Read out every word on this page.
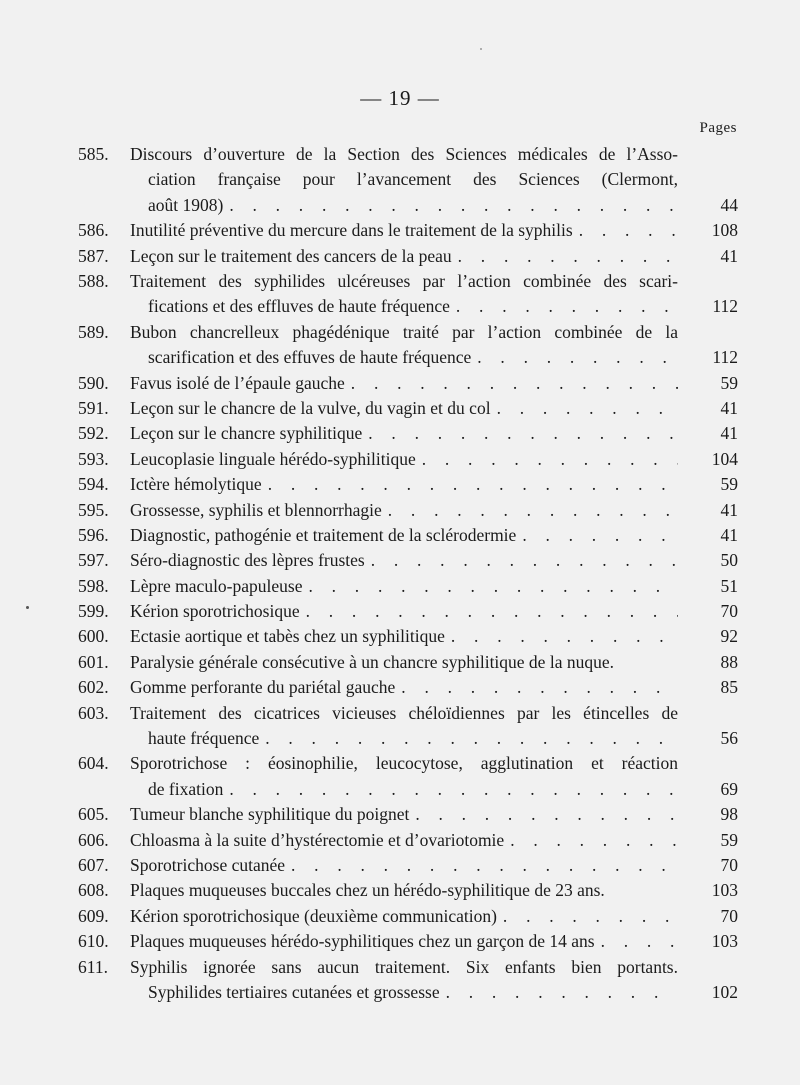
— 19 —
Pages
585.	Discours d’ouverture de la Section des Sciences médicales de l’Asso-
ciation française pour l’avancement des Sciences (Clermont,
août 1908) . . .	44
586.	Inutilité préventive du mercure dans le traitement de la syphilis . . .	108
587.	Leçon sur le traitement des cancers de la peau . . .	41
588.	Traitement des syphilides ulcéreuses par l’action combinée des scari-
fications et des effluves de haute fréquence . . .	112
589.	Bubon chancrelleux phagédénique traité par l’action combinée de la
scarification et des effuves de haute fréquence . . .	112
590.	Favus isolé de l’épaule gauche . . .	59
591.	Leçon sur le chancre de la vulve, du vagin et du col . . .	41
592.	Leçon sur le chancre syphilitique . . .	41
593.	Leucoplasie linguale hérédo-syphilitique . . .	104
594.	Ictère hémolytique . . .	59
595.	Grossesse, syphilis et blennorrhagie . . .	41
596.	Diagnostic, pathogénie et traitement de la sclérodermie . . .	41
597.	Séro-diagnostic des lèpres frustes . . .	50
598.	Lèpre maculo-papuleuse . . .	51
599.	Kérion sporotrichosique . . .	70
600.	Ectasie aortique et tabès chez un syphilitique . . .	92
601.	Paralysie générale consécutive à un chancre syphilitique de la nuque.	88
602.	Gomme perforante du pariétal gauche . . .	85
603.	Traitement des cicatrices vicieuses chéloïdiennes par les étincelles de
haute fréquence . . .	56
604.	Sporotrichose : éosinophilie, leucocytose, agglutination et réaction
de fixation . . .	69
605.	Tumeur blanche syphilitique du poignet . . .	98
606.	Chloasma à la suite d’hystérectomie et d’ovariotomie . . .	59
607.	Sporotrichose cutanée . . .	70
608.	Plaques muqueuses buccales chez un hérédo-syphilitique de 23 ans.	103
609.	Kérion sporotrichosique (deuxième communication) . . .	70
610.	Plaques muqueuses hérédo-syphilitiques chez un garçon de 14 ans . . .	103
611.	Syphilis ignorée sans aucun traitement. Six enfants bien portants.
Syphilides tertiaires cutanées et grossesse . . .	102
